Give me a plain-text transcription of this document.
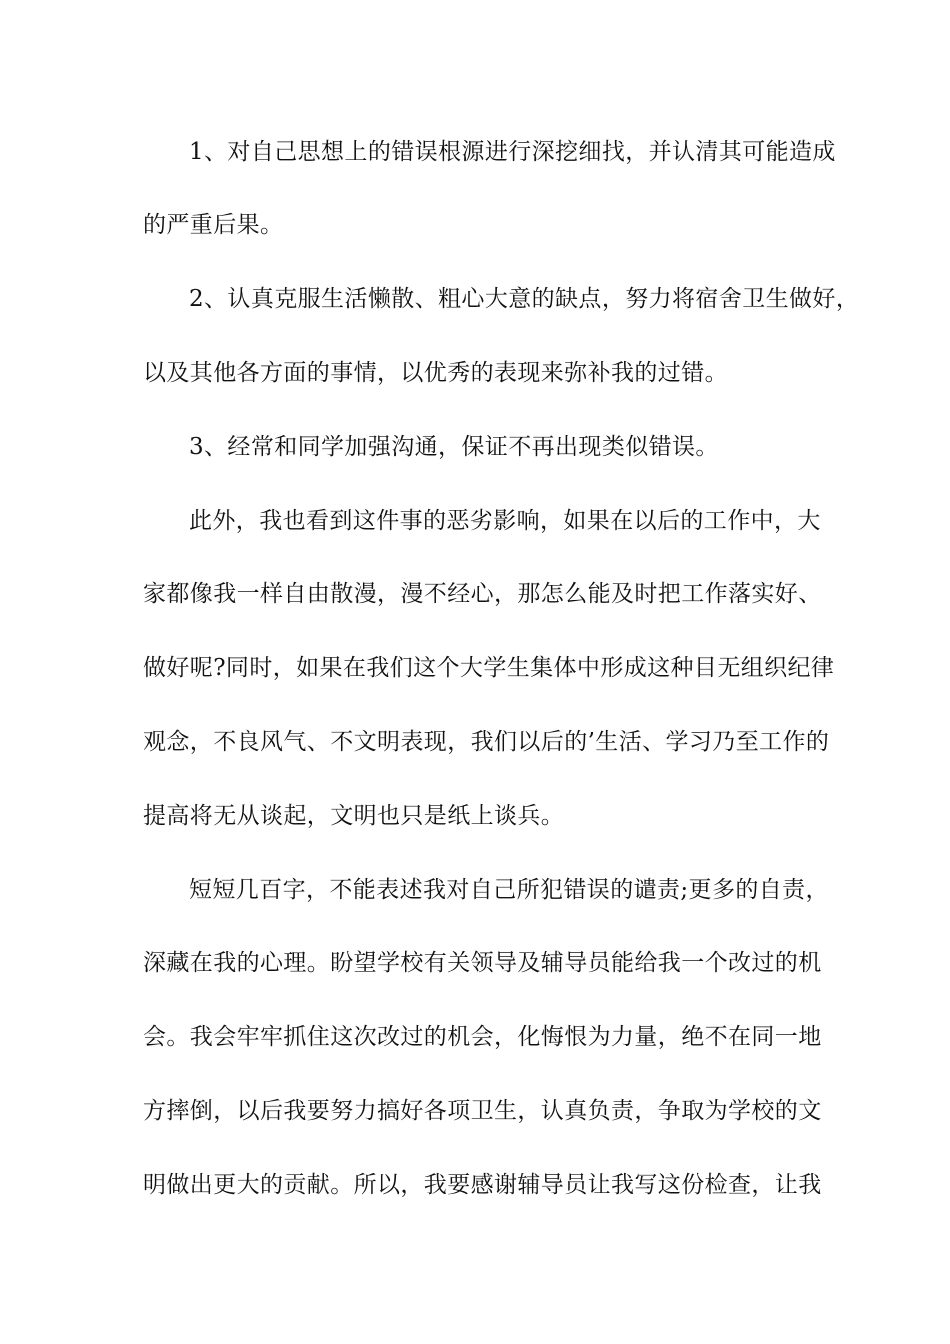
1、对自己思想上的错误根源进行深挖细找，并认清其可能造成
的严重后果。
2、认真克服生活懒散、粗心大意的缺点，努力将宿舍卫生做好，
以及其他各方面的事情，以优秀的表现来弥补我的过错。
3、经常和同学加强沟通，保证不再出现类似错误。
此外，我也看到这件事的恶劣影响，如果在以后的工作中，大
家都像我一样自由散漫，漫不经心，那怎么能及时把工作落实好、
做好呢?同时，如果在我们这个大学生集体中形成这种目无组织纪律
观念，不良风气、不文明表现，我们以后的’生活、学习乃至工作的
提高将无从谈起，文明也只是纸上谈兵。
短短几百字，不能表述我对自己所犯错误的谴责;更多的自责，
深藏在我的心理。盼望学校有关领导及辅导员能给我一个改过的机
会。我会牢牢抓住这次改过的机会，化悔恨为力量，绝不在同一地
方摔倒，以后我要努力搞好各项卫生，认真负责，争取为学校的文
明做出更大的贡献。所以，我要感谢辅导员让我写这份检查，让我
